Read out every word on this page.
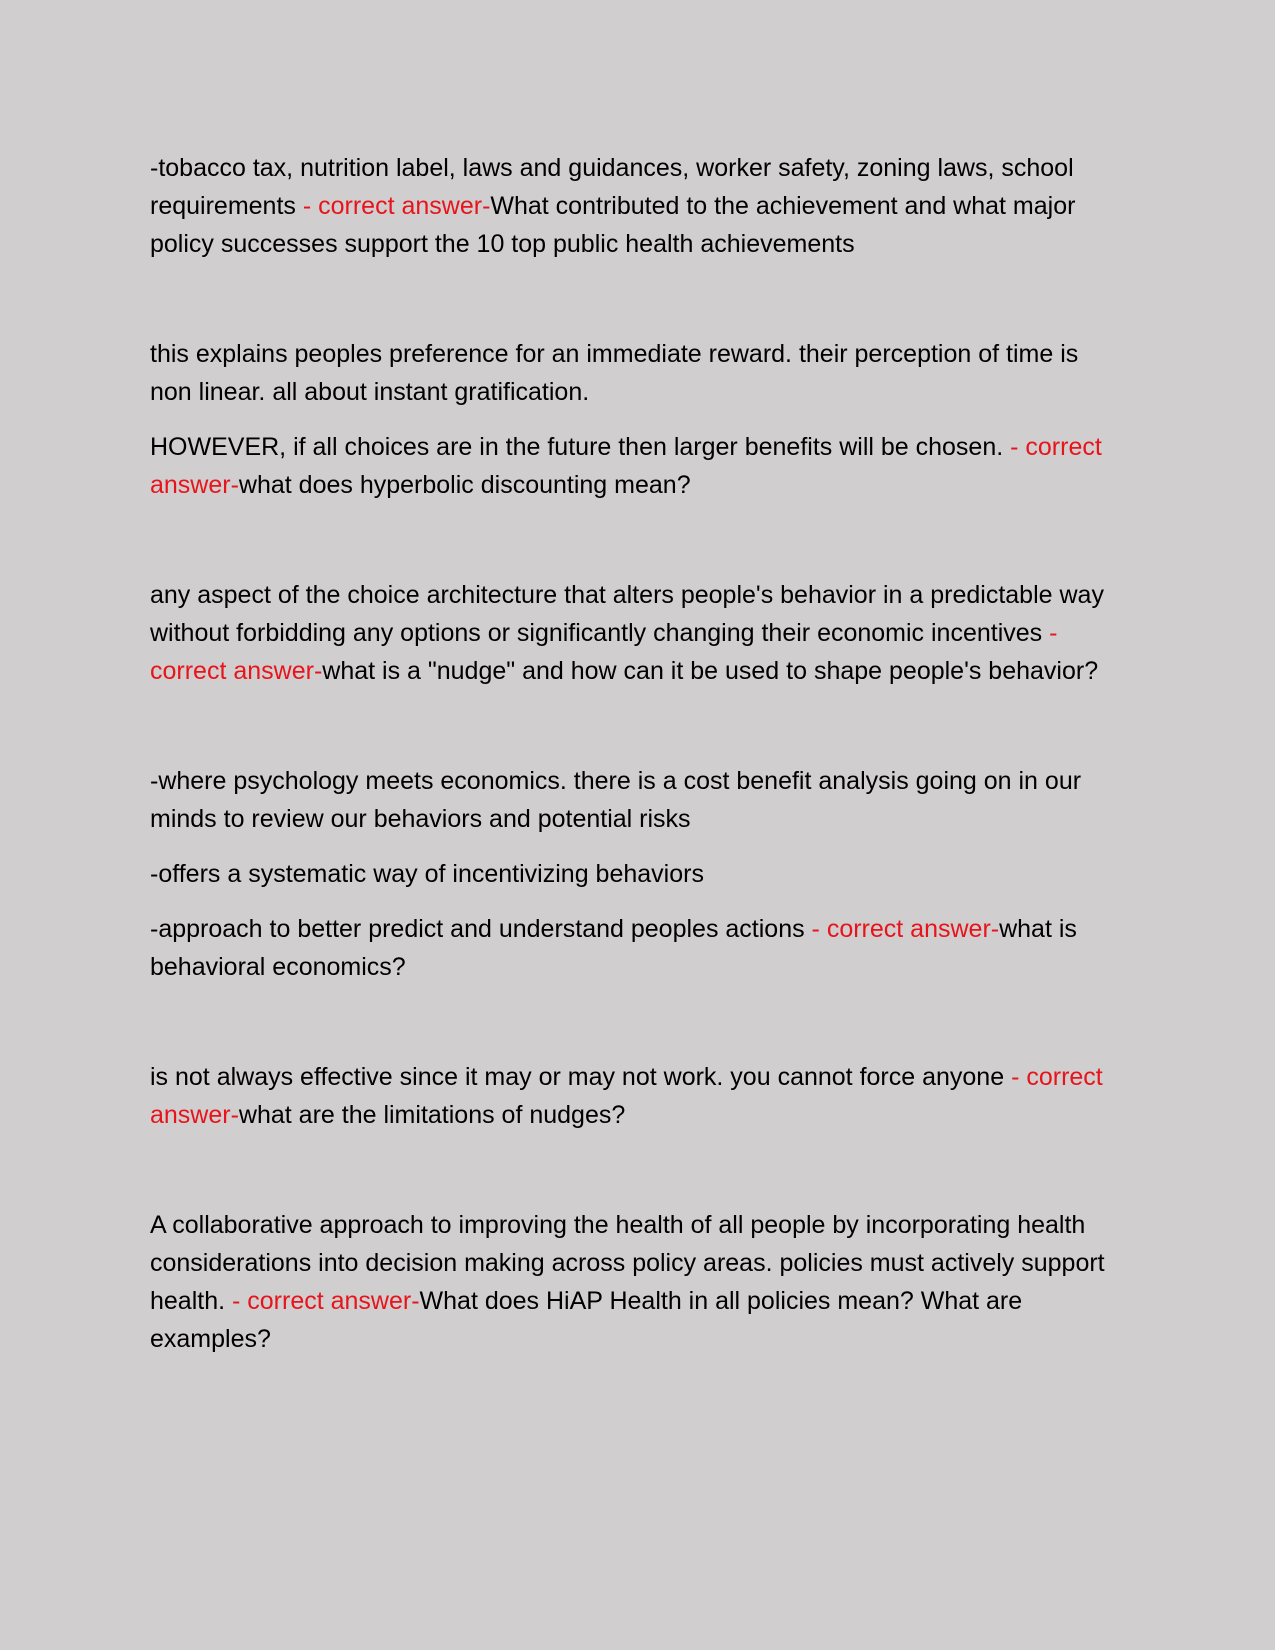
-tobacco tax, nutrition label, laws and guidances, worker safety, zoning laws, school requirements - correct answer-What contributed to the achievement and what major policy successes support the 10 top public health achievements

this explains peoples preference for an immediate reward. their perception of time is non linear. all about instant gratification.

HOWEVER, if all choices are in the future then larger benefits will be chosen. - correct answer-what does hyperbolic discounting mean?

any aspect of the choice architecture that alters people's behavior in a predictable way without forbidding any options or significantly changing their economic incentives - correct answer-what is a "nudge" and how can it be used to shape people's behavior?

-where psychology meets economics. there is a cost benefit analysis going on in our minds to review our behaviors and potential risks

-offers a systematic way of incentivizing behaviors

-approach to better predict and understand peoples actions - correct answer-what is behavioral economics?

is not always effective since it may or may not work. you cannot force anyone - correct answer-what are the limitations of nudges?

A collaborative approach to improving the health of all people by incorporating health considerations into decision making across policy areas. policies must actively support health. - correct answer-What does HiAP Health in all policies mean? What are examples?
